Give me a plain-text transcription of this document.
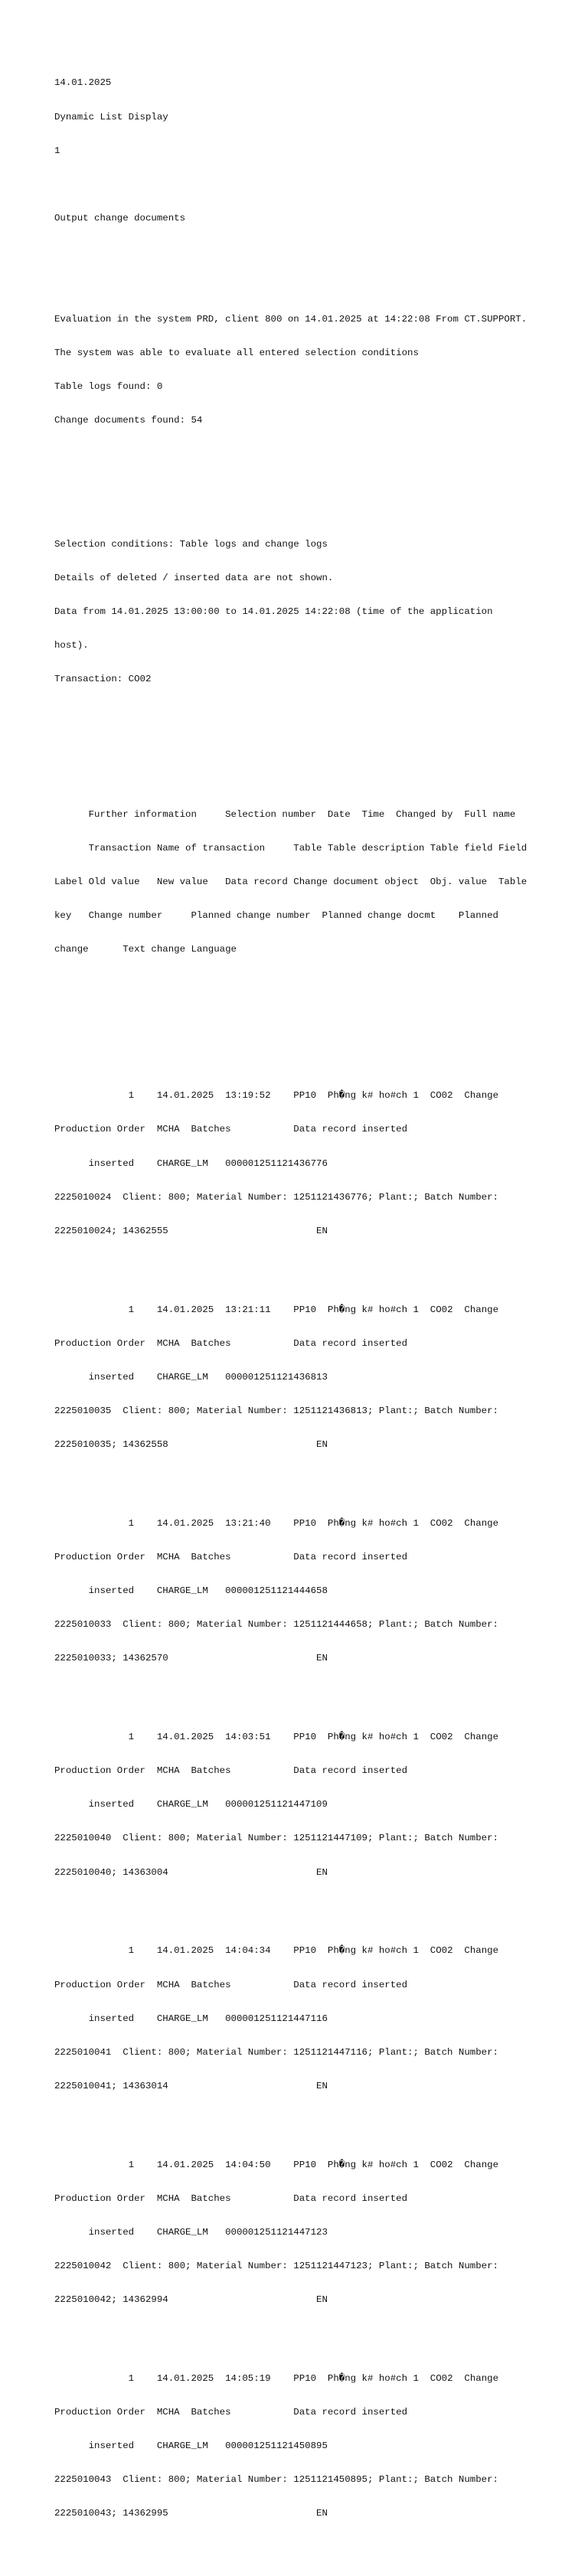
14.01.2025

Dynamic List Display

1

Output change documents

Evaluation in the system PRD, client 800 on 14.01.2025 at 14:22:08 From CT.SUPPORT.

The system was able to evaluate all entered selection conditions

Table logs found: 0

Change documents found: 54

Selection conditions: Table logs and change logs

Details of deleted / inserted data are not shown.

Data from 14.01.2025 13:00:00 to 14.01.2025 14:22:08 (time of the application

host).

Transaction: CO02

Further information     Selection number  Date  Time  Changed by  Full name

Transaction Name of transaction     Table Table description Table field Field

Label Old value   New value   Data record Change document object  Obj. value  Table

key   Change number     Planned change number  Planned change docmt    Planned

change      Text change Language

1    14.01.2025  13:19:52    PP10  Ph�ng k# ho#ch 1  CO02  Change

Production Order  MCHA  Batches           Data record inserted

inserted    CHARGE_LM   000001251121436776

2225010024  Client: 800; Material Number: 1251121436776; Plant:; Batch Number:

2225010024; 14362555                          EN

1    14.01.2025  13:21:11    PP10  Ph�ng k# ho#ch 1  CO02  Change

Production Order  MCHA  Batches           Data record inserted

inserted    CHARGE_LM   000001251121436813

2225010035  Client: 800; Material Number: 1251121436813; Plant:; Batch Number:

2225010035; 14362558                          EN

1    14.01.2025  13:21:40    PP10  Ph�ng k# ho#ch 1  CO02  Change

Production Order  MCHA  Batches           Data record inserted

inserted    CHARGE_LM   000001251121444658

2225010033  Client: 800; Material Number: 1251121444658; Plant:; Batch Number:

2225010033; 14362570                          EN

1    14.01.2025  14:03:51    PP10  Ph�ng k# ho#ch 1  CO02  Change

Production Order  MCHA  Batches           Data record inserted

inserted    CHARGE_LM   000001251121447109

2225010040  Client: 800; Material Number: 1251121447109; Plant:; Batch Number:

2225010040; 14363004                          EN

1    14.01.2025  14:04:34    PP10  Ph�ng k# ho#ch 1  CO02  Change

Production Order  MCHA  Batches           Data record inserted

inserted    CHARGE_LM   000001251121447116

2225010041  Client: 800; Material Number: 1251121447116; Plant:; Batch Number:

2225010041; 14363014                          EN

1    14.01.2025  14:04:50    PP10  Ph�ng k# ho#ch 1  CO02  Change

Production Order  MCHA  Batches           Data record inserted

inserted    CHARGE_LM   000001251121447123

2225010042  Client: 800; Material Number: 1251121447123; Plant:; Batch Number:

2225010042; 14362994                          EN

1    14.01.2025  14:05:19    PP10  Ph�ng k# ho#ch 1  CO02  Change

Production Order  MCHA  Batches           Data record inserted

inserted    CHARGE_LM   000001251121450895

2225010043  Client: 800; Material Number: 1251121450895; Plant:; Batch Number:

2225010043; 14362995                          EN
